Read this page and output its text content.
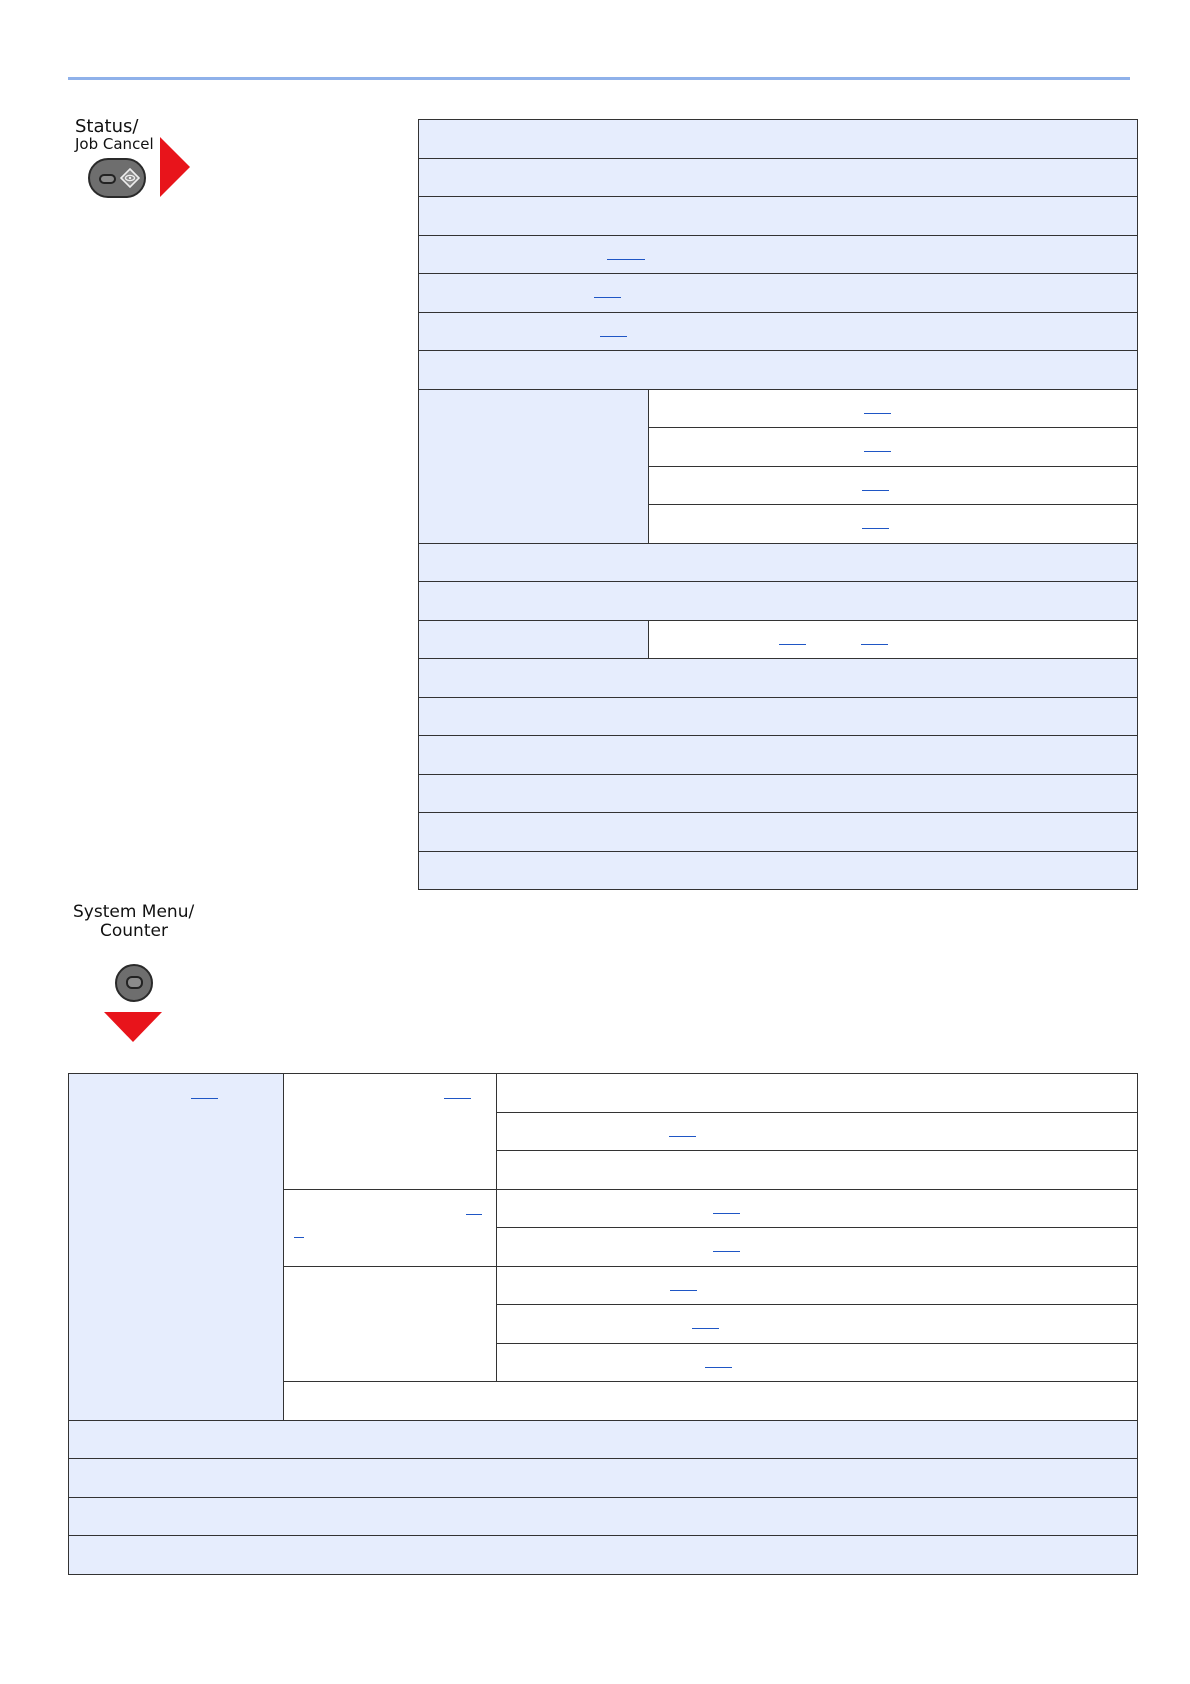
Status/
Job Cancel

System Menu/
Counter
